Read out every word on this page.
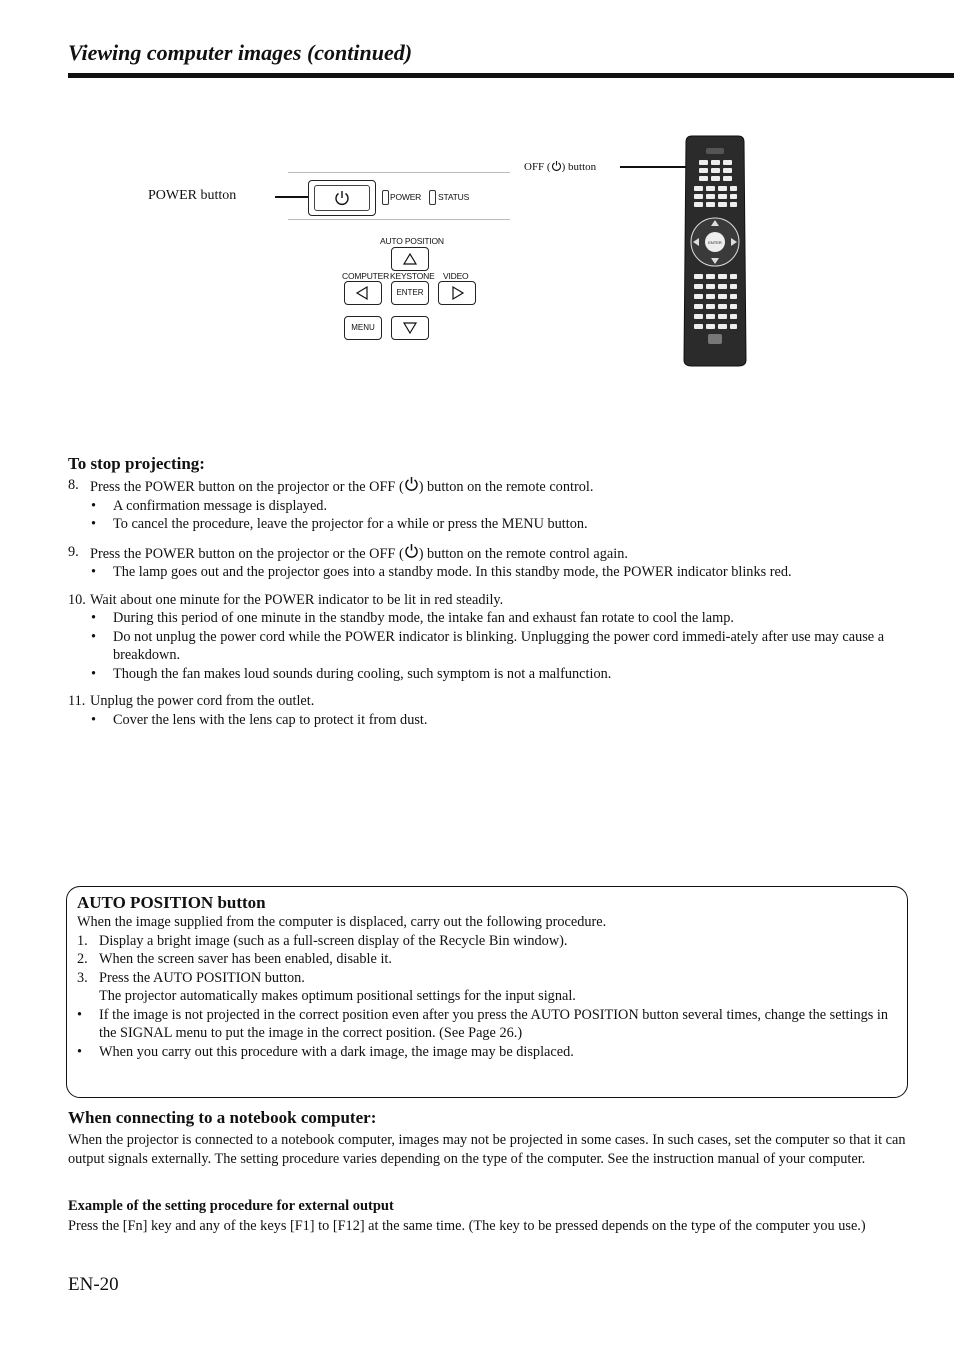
Viewing computer images (continued)
POWER button	POWER STATUS
AUTO POSITION
COMPUTER KEYSTONE VIDEO
ENTER
MENU
OFF ( ) button
ENTER
To stop projecting:
8. Press the POWER button on the projector or the OFF ( ) button on the remote control.
• A confirmation message is displayed.
• To cancel the procedure, leave the projector for a while or press the MENU button.
9. Press the POWER button on the projector or the OFF ( ) button on the remote control again.
• The lamp goes out and the projector goes into a standby mode. In this standby mode, the POWER indicator blinks red.
10. Wait about one minute for the POWER indicator to be lit in red steadily.
• During this period of one minute in the standby mode, the intake fan and exhaust fan rotate to cool the lamp.
• Do not unplug the power cord while the POWER indicator is blinking. Unplugging the power cord immedi-ately after use may cause a breakdown.
• Though the fan makes loud sounds during cooling, such symptom is not a malfunction.
11. Unplug the power cord from the outlet.
• Cover the lens with the lens cap to protect it from dust.
AUTO POSITION button
When the image supplied from the computer is displaced, carry out the following procedure.
1. Display a bright image (such as a full-screen display of the Recycle Bin window).
2. When the screen saver has been enabled, disable it.
3. Press the AUTO POSITION button.
The projector automatically makes optimum positional settings for the input signal.
• If the image is not projected in the correct position even after you press the AUTO POSITION button several times, change the settings in the SIGNAL menu to put the image in the correct position. (See Page 26.)
• When you carry out this procedure with a dark image, the image may be displaced.
When connecting to a notebook computer:
When the projector is connected to a notebook computer, images may not be projected in some cases. In such cases, set the computer so that it can output signals externally. The setting procedure varies depending on the type of the computer. See the instruction manual of your computer.
Example of the setting procedure for external output
Press the [Fn] key and any of the keys [F1] to [F12] at the same time. (The key to be pressed depends on the type of the computer you use.)
EN-20
